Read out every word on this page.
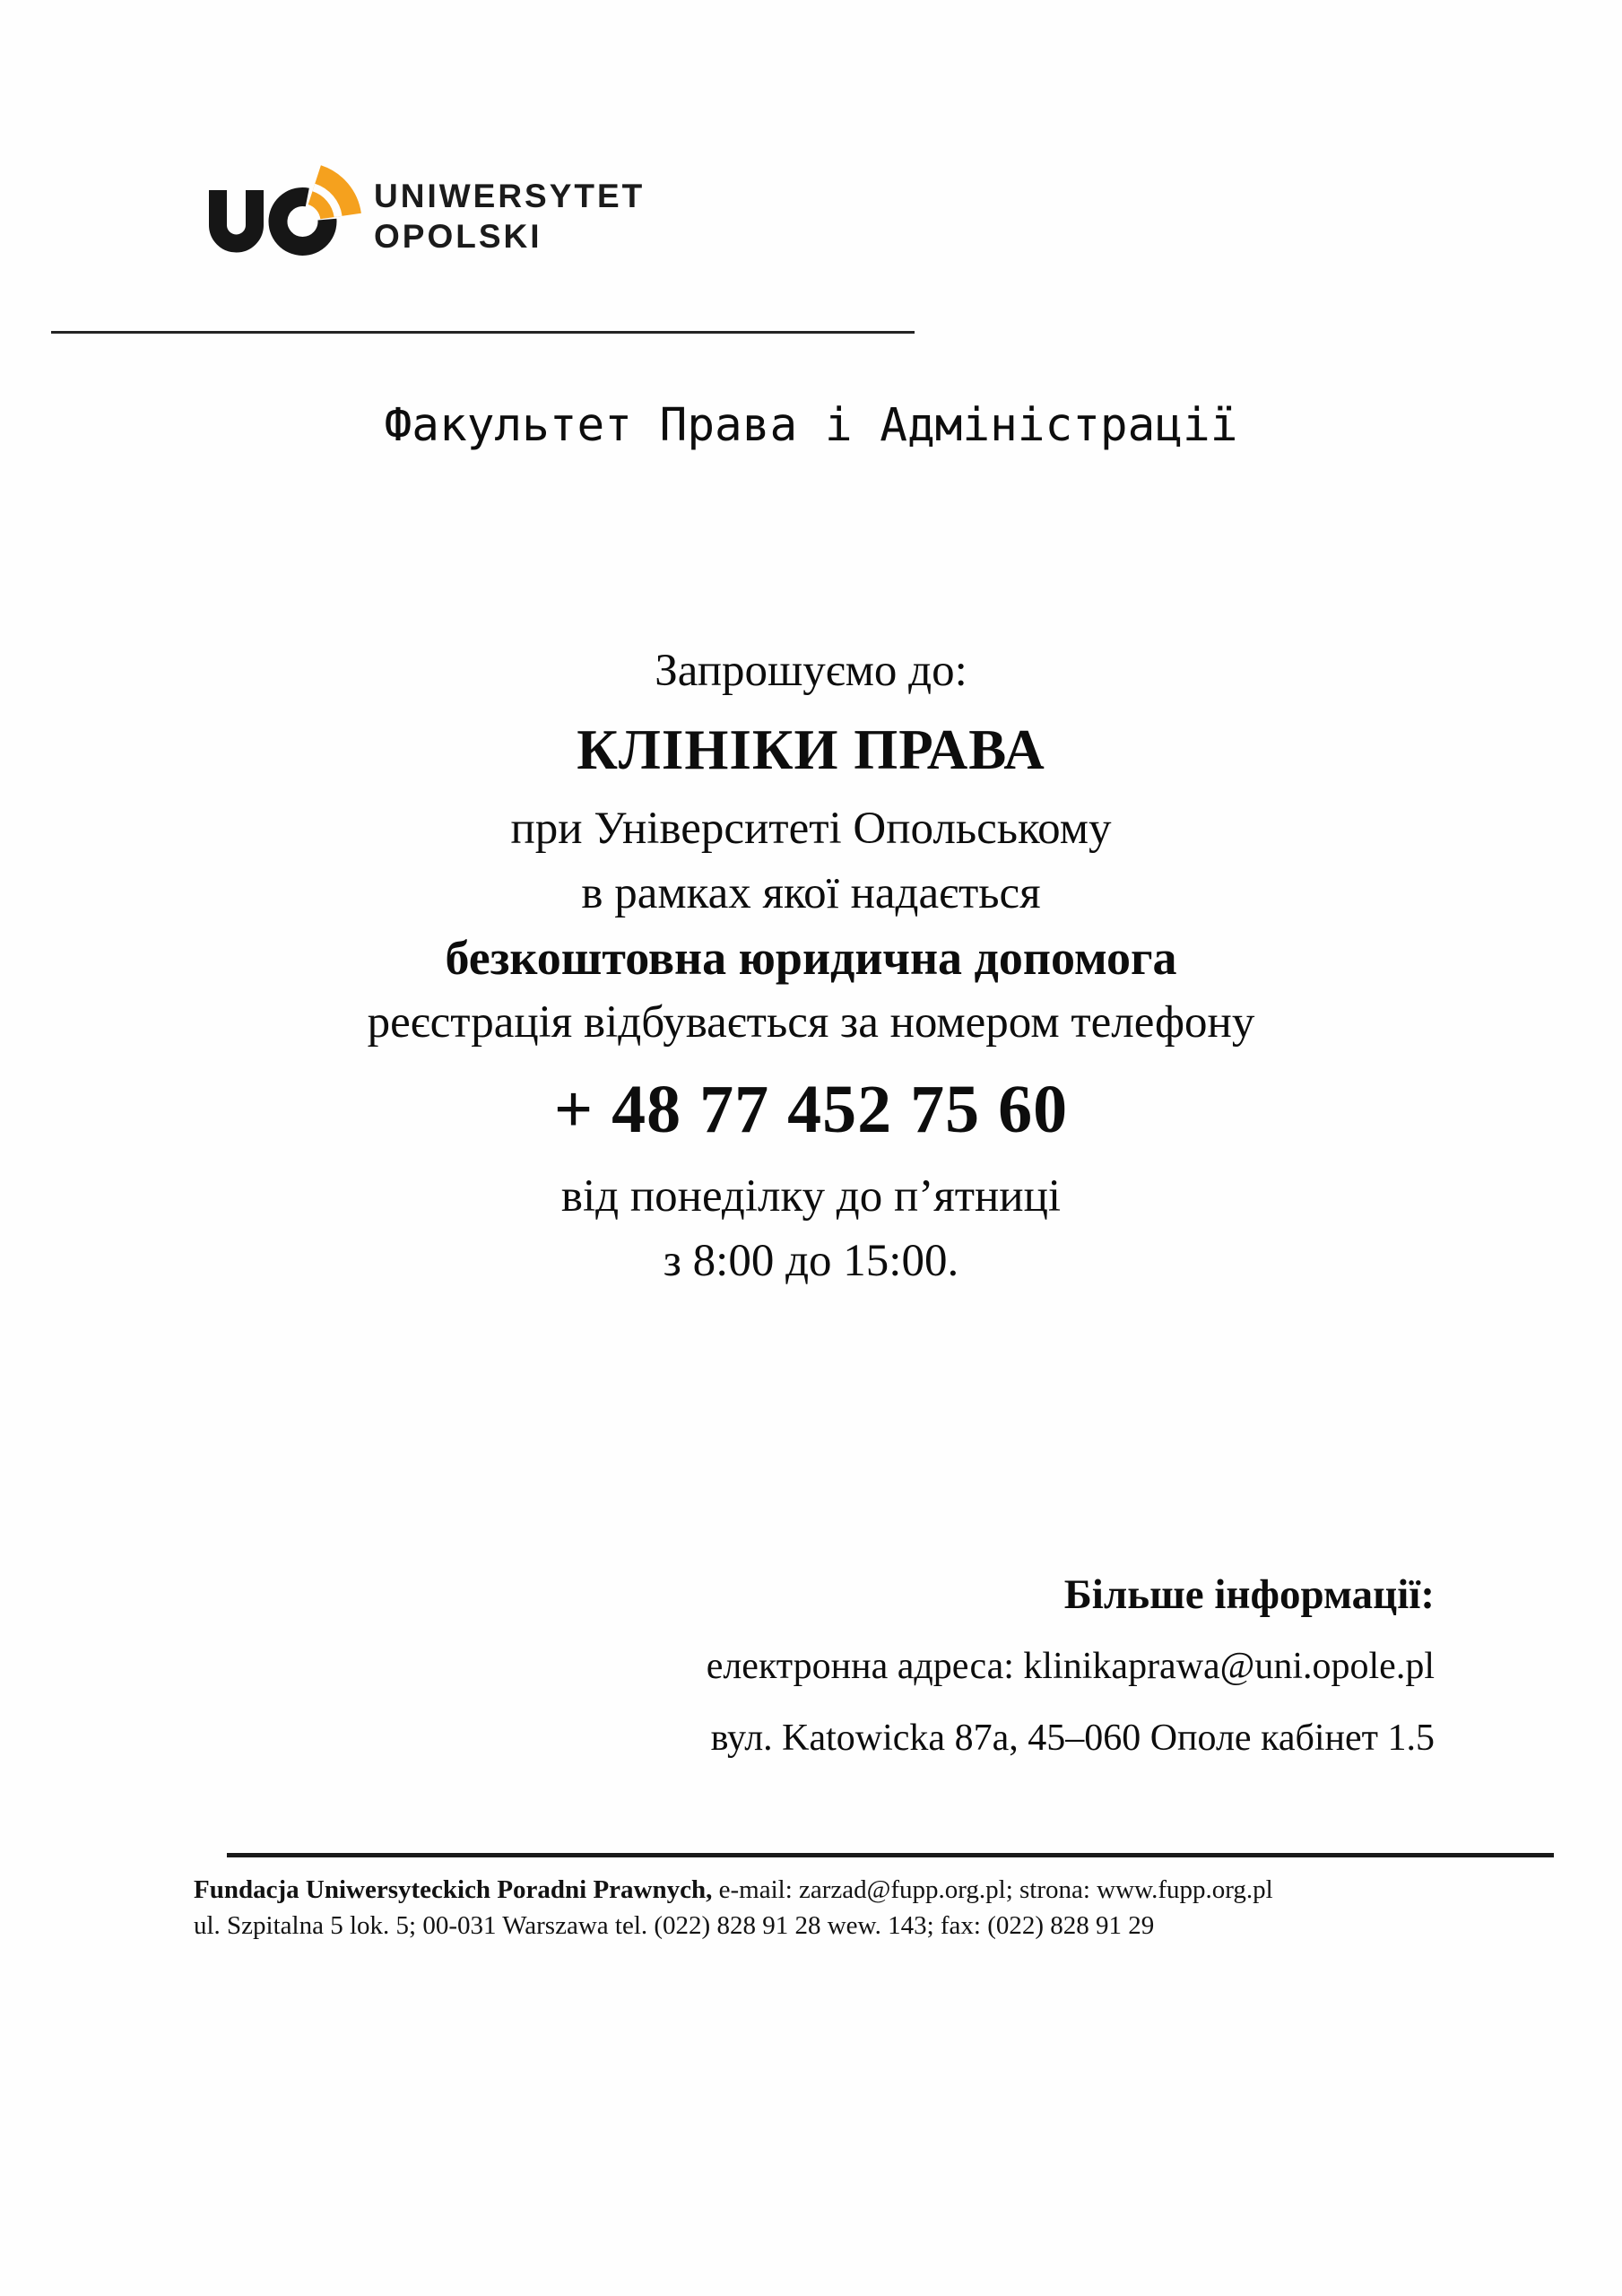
UNIWERSYTET
OPOLSKI
Факультет Права і Адміністрації
Запрошуємо до:
КЛІНІКИ ПРАВА
при Університеті Опольському
в рамках якої надається
безкоштовна юридична допомога
реєстрація відбувається за номером телефону
+ 48 77 452 75 60
від понеділку до п’ятниці
з 8:00 до 15:00.
Більше інформації:
електронна адреса: klinikaprawa@uni.opole.pl
вул. Katowicka 87a, 45–060 Ополе кабінет 1.5
Fundacja Uniwersyteckich Poradni Prawnych, e-mail: zarzad@fupp.org.pl; strona: www.fupp.org.pl
ul. Szpitalna 5 lok. 5; 00-031 Warszawa tel. (022) 828 91 28 wew. 143; fax: (022) 828 91 29
